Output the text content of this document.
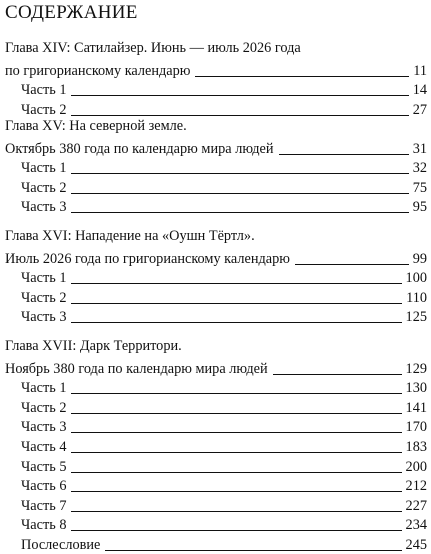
СОДЕРЖАНИЕ
Глава XIV: Сатилайзер. Июнь — июль 2026 года
по григорианскому календарю	11
Часть 1	14
Часть 2	27
Глава XV: На северной земле.
Октябрь 380 года по календарю мира людей	31
Часть 1	32
Часть 2	75
Часть 3	95
Глава XVI: Нападение на «Оушн Тёртл».
Июль 2026 года по григорианскому календарю	99
Часть 1	100
Часть 2	110
Часть 3	125
Глава XVII: Дарк Территори.
Ноябрь 380 года по календарю мира людей	129
Часть 1	130
Часть 2	141
Часть 3	170
Часть 4	183
Часть 5	200
Часть 6	212
Часть 7	227
Часть 8	234
Послесловие	245
